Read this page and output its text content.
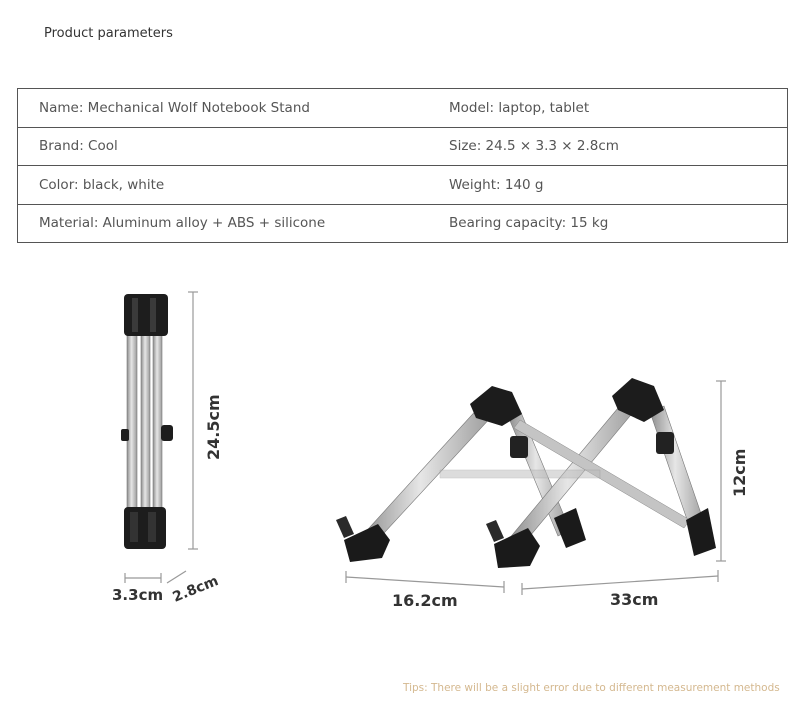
Product parameters
Name: Mechanical Wolf Notebook Stand	Model: laptop, tablet
Brand: Cool	Size: 24.5 × 3.3 × 2.8cm
Color: black, white	Weight: 140 g
Material: Aluminum alloy + ABS + silicone	Bearing capacity: 15 kg
24.5cm
3.3cm 2.8cm
12cm
16.2cm	33cm
Tips: There will be a slight error due to different measurement methods
